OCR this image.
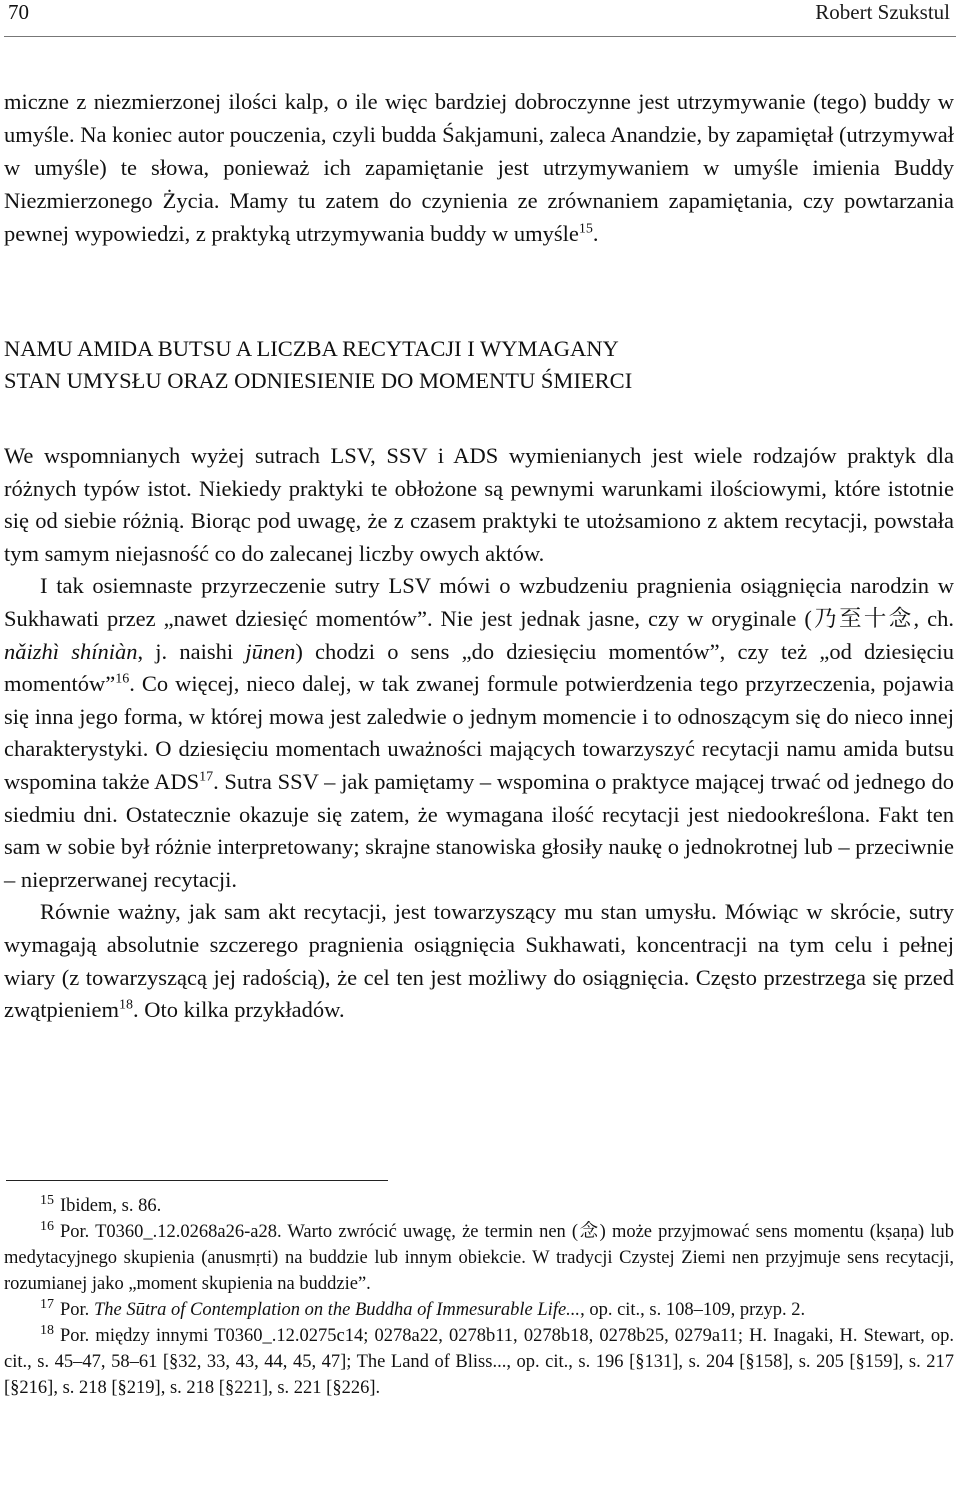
70	Robert Szukstul

miczne z niezmierzonej ilości kalp, o ile więc bardziej dobroczynne jest utrzymywanie (tego) buddy w umyśle. Na koniec autor pouczenia, czyli budda Śakjamuni, zaleca Anandzie, by zapamiętał (utrzymywał w umyśle) te słowa, ponieważ ich zapamiętanie jest utrzymywaniem w umyśle imienia Buddy Niezmierzonego Życia. Mamy tu zatem do czynienia ze zrównaniem zapamiętania, czy powtarzania pewnej wypowiedzi, z praktyką utrzymywania buddy w umyśle$^{15}$.

NAMU AMIDA BUTSU A LICZBA RECYTACJI I WYMAGANY
STAN UMYSŁU ORAZ ODNIESIENIE DO MOMENTU ŚMIERCI

We wspomnianych wyżej sutrach LSV, SSV i ADS wymienianych jest wiele rodzajów praktyk dla różnych typów istot. Niekiedy praktyki te obłożone są pewnymi warunkami ilościowymi, które istotnie się od siebie różnią. Biorąc pod uwagę, że z czasem praktyki te utożsamiono z aktem recytacji, powstała tym samym niejasność co do zalecanej liczby owych aktów.

I tak osiemnaste przyrzeczenie sutry LSV mówi o wzbudzeniu pragnienia osiągnięcia narodzin w Sukhawati przez „nawet dziesięć momentów”. Nie jest jednak jasne, czy w oryginale (乃至十念, ch. nǎizhì shíniàn, j. naishi jūnen) chodzi o sens „do dziesięciu momentów”, czy też „od dziesięciu momentów”$^{16}$. Co więcej, nieco dalej, w tak zwanej formule potwierdzenia tego przyrzeczenia, pojawia się inna jego forma, w której mowa jest zaledwie o jednym momencie i to odnoszącym się do nieco innej charakterystyki. O dziesięciu momentach uważności mających towarzyszyć recytacji namu amida butsu wspomina także ADS$^{17}$. Sutra SSV – jak pamiętamy – wspomina o praktyce mającej trwać od jednego do siedmiu dni. Ostatecznie okazuje się zatem, że wymagana ilość recytacji jest niedookreślona. Fakt ten sam w sobie był różnie interpretowany; skrajne stanowiska głosiły naukę o jednokrotnej lub – przeciwnie – nieprzerwanej recytacji.

Równie ważny, jak sam akt recytacji, jest towarzyszący mu stan umysłu. Mówiąc w skrócie, sutry wymagają absolutnie szczerego pragnienia osiągnięcia Sukhawati, koncentracji na tym celu i pełnej wiary (z towarzyszącą jej radością), że cel ten jest możliwy do osiągnięcia. Często przestrzega się przed zwątpieniem$^{18}$. Oto kilka przykładów.

$^{15}$ Ibidem, s. 86.

$^{16}$ Por. T0360_.12.0268a26-a28. Warto zwrócić uwagę, że termin nen (念) może przyjmować sens momentu (kṣaṇa) lub medytacyjnego skupienia (anusmṛti) na buddzie lub innym obiekcie. W tradycji Czystej Ziemi nen przyjmuje sens recytacji, rozumianej jako „moment skupienia na buddzie”.

$^{17}$ Por. The Sūtra of Contemplation on the Buddha of Immesurable Life..., op. cit., s. 108–109, przyp. 2.

$^{18}$ Por. między innymi T0360_.12.0275c14; 0278a22, 0278b11, 0278b18, 0278b25, 0279a11; H. Inagaki, H. Stewart, op. cit., s. 45–47, 58–61 [§32, 33, 43, 44, 45, 47]; The Land of Bliss..., op. cit., s. 196 [§131], s. 204 [§158], s. 205 [§159], s. 217 [§216], s. 218 [§219], s. 218 [§221], s. 221 [§226].
